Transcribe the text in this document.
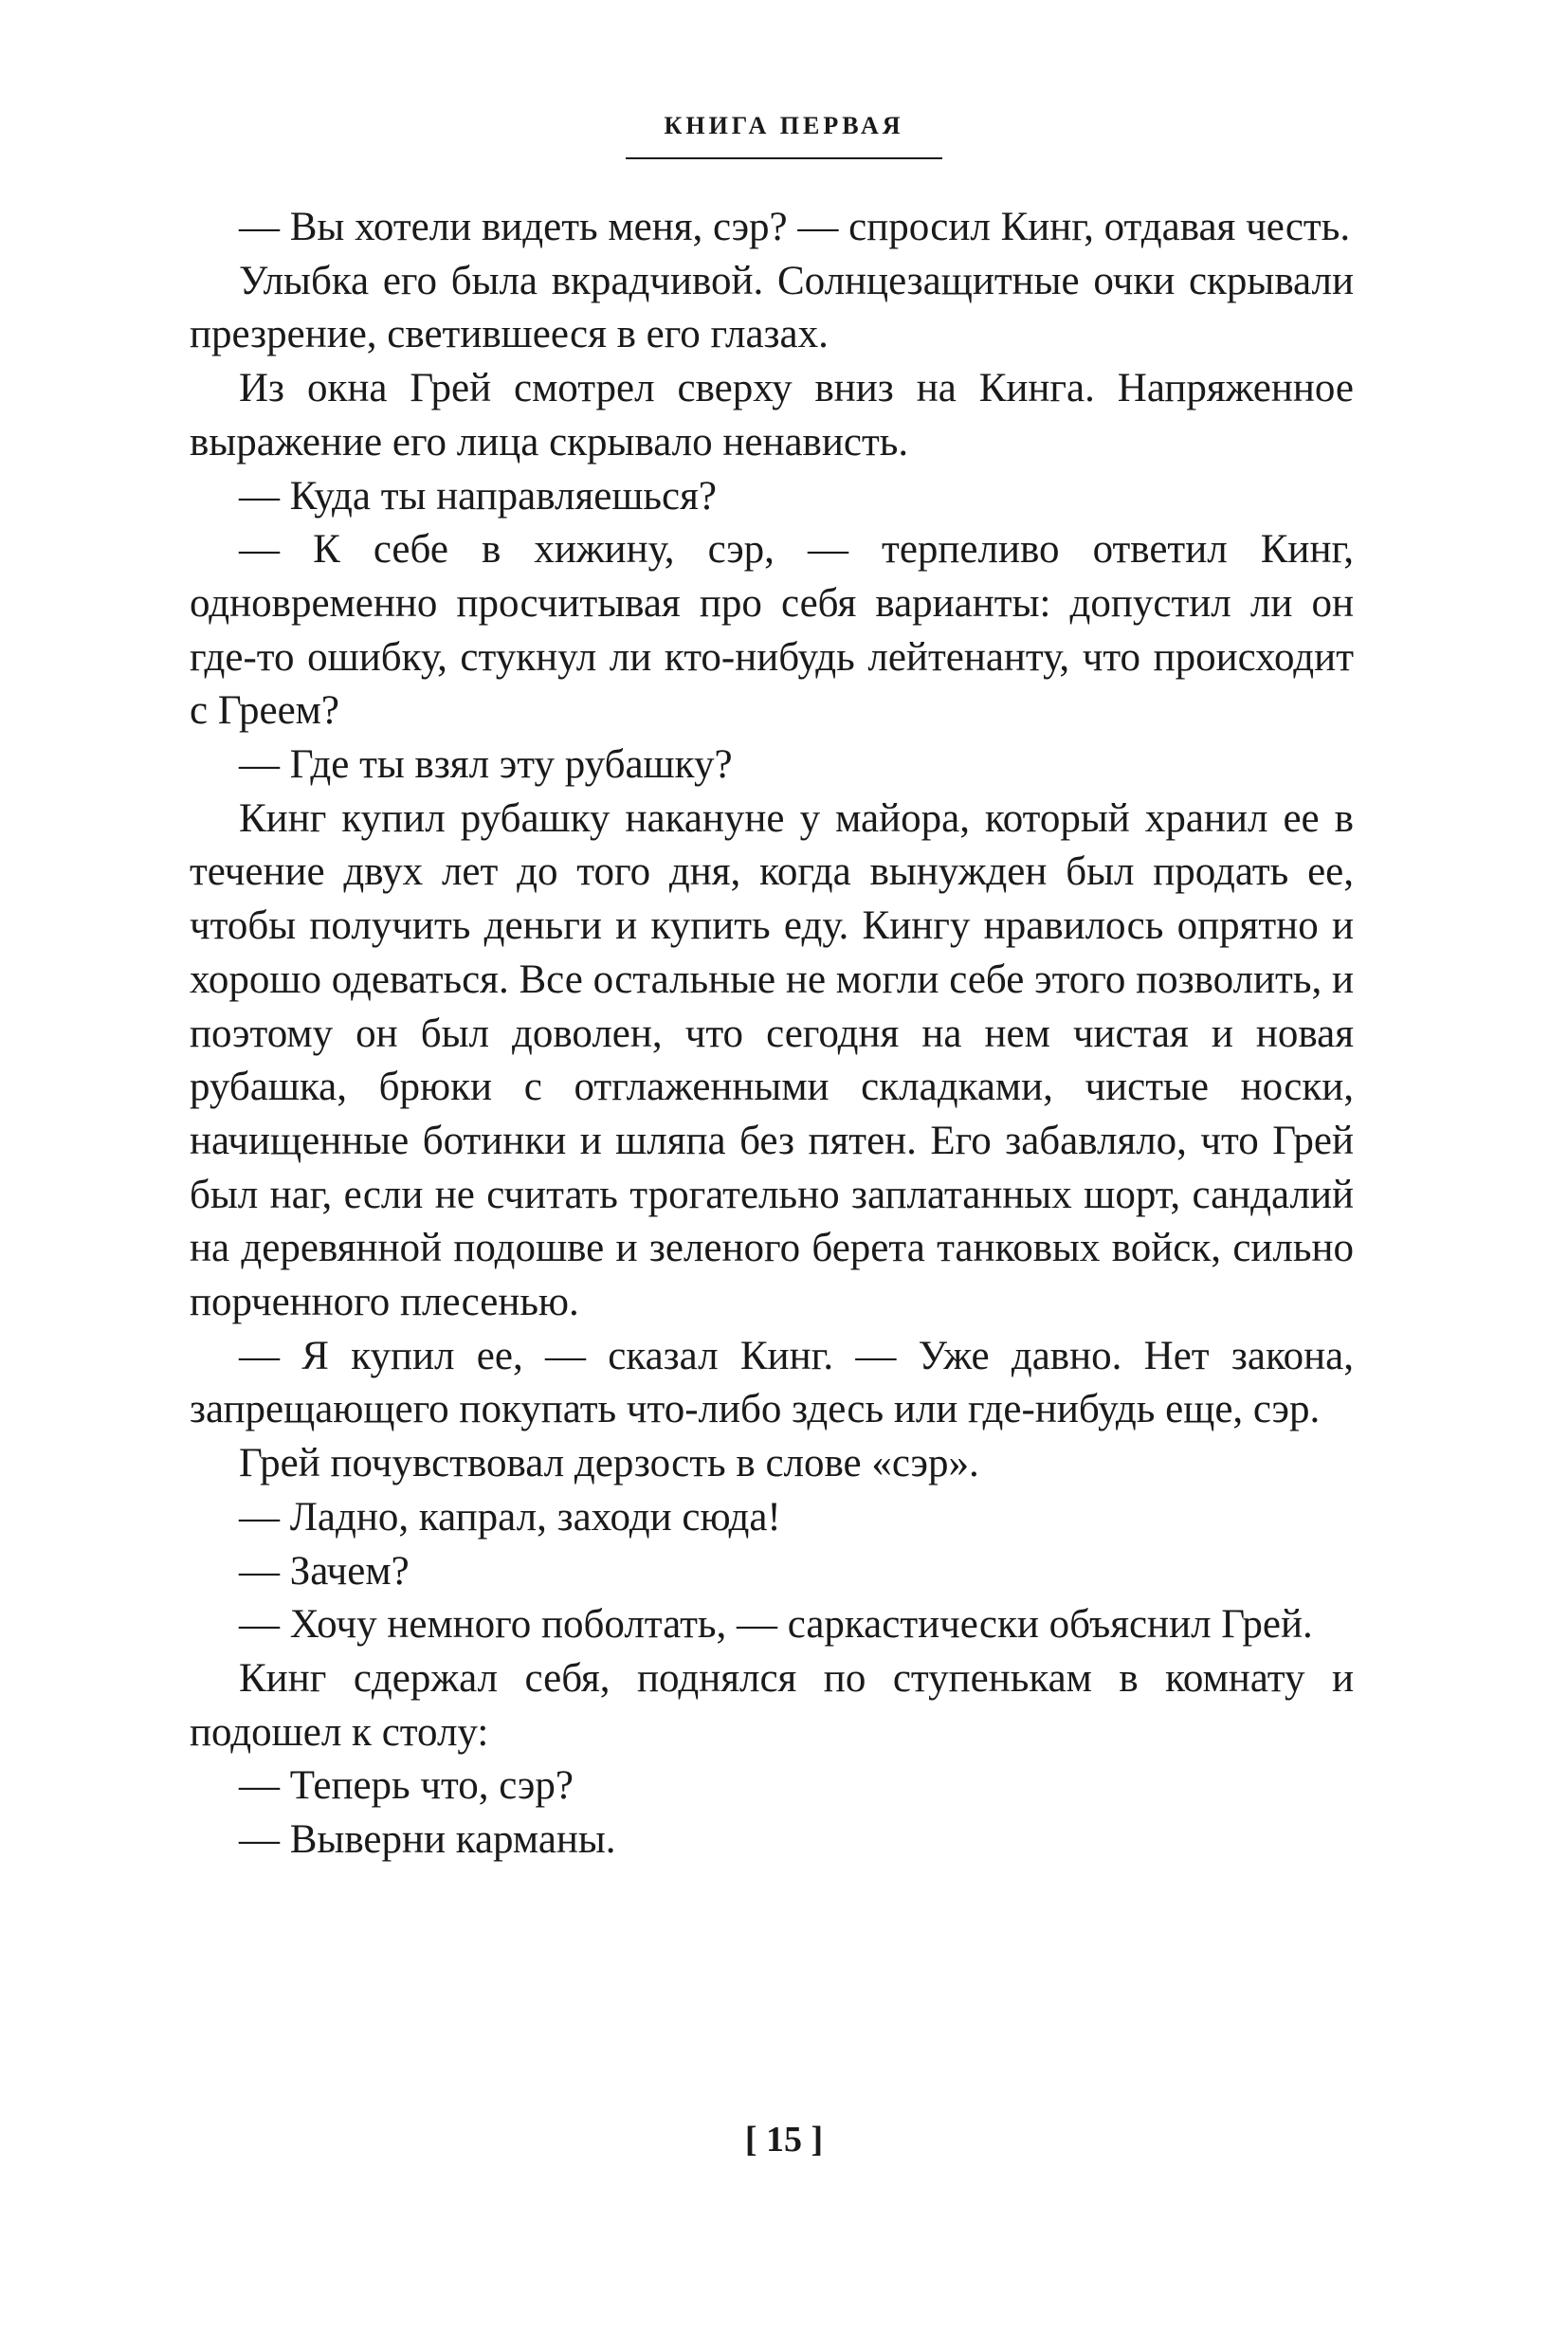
КНИГА ПЕРВАЯ

— Вы хотели видеть меня, сэр? — спросил Кинг, отдавая честь.

Улыбка его была вкрадчивой. Солнцезащитные очки скрывали презрение, светившееся в его глазах.

Из окна Грей смотрел сверху вниз на Кинга. Напряженное выражение его лица скрывало ненависть.

— Куда ты направляешься?

— К себе в хижину, сэр, — терпеливо ответил Кинг, одновременно просчитывая про себя варианты: допустил ли он где-то ошибку, стукнул ли кто-нибудь лейтенанту, что происходит с Греем?

— Где ты взял эту рубашку?

Кинг купил рубашку накануне у майора, который хранил ее в течение двух лет до того дня, когда вынужден был продать ее, чтобы получить деньги и купить еду. Кингу нравилось опрятно и хорошо одеваться. Все остальные не могли себе этого позволить, и поэтому он был доволен, что сегодня на нем чистая и новая рубашка, брюки с отглаженными складками, чистые носки, начищенные ботинки и шляпа без пятен. Его забавляло, что Грей был наг, если не считать трогательно заплатанных шорт, сандалий на деревянной подошве и зеленого берета танковых войск, сильно порченного плесенью.

— Я купил ее, — сказал Кинг. — Уже давно. Нет закона, запрещающего покупать что-либо здесь или где-нибудь еще, сэр.

Грей почувствовал дерзость в слове «сэр».

— Ладно, капрал, заходи сюда!

— Зачем?

— Хочу немного поболтать, — саркастически объяснил Грей.

Кинг сдержал себя, поднялся по ступенькам в комнату и подошел к столу:

— Теперь что, сэр?

— Выверни карманы.

[ 15 ]
